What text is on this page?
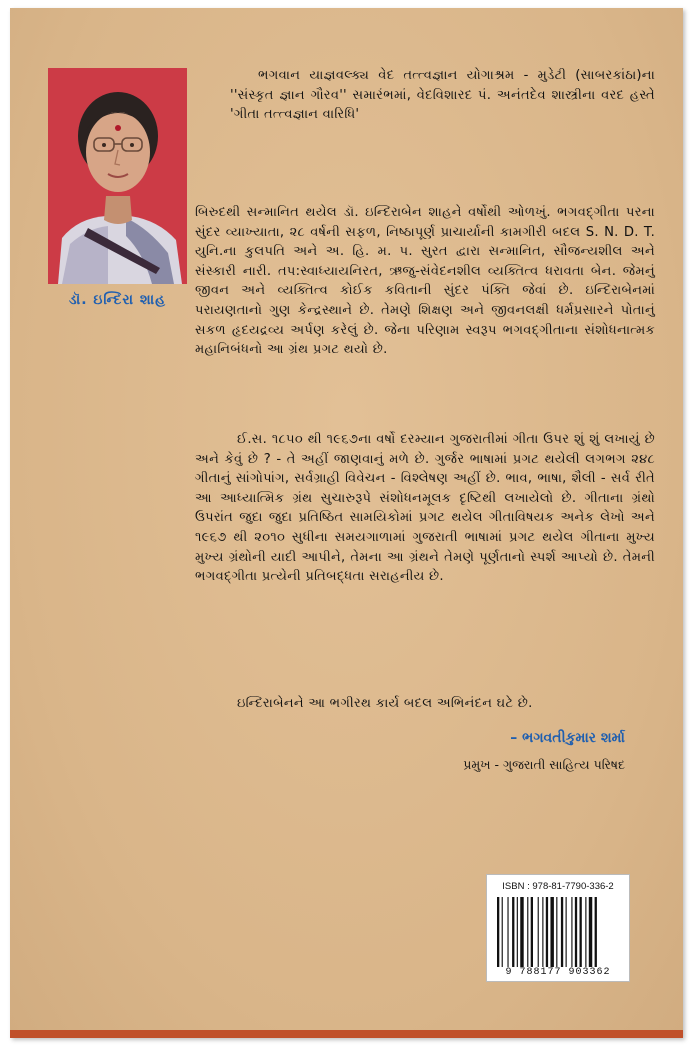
ડૉ. ઇન્દિરા શાહ

ભગવાન યાજ્ઞવલ્ક્ય વેદ તત્ત્વજ્ઞાન યોગાશ્રમ - મુડેટી (સાબરકાંઠા)ના ''સંસ્કૃત જ્ઞાન ગૌરવ'' સમારંભમાં, વેદવિશારદ પં. અનંતદેવ શાસ્ત્રીના વરદ હસ્તે 'ગીતા તત્ત્વજ્ઞાન વારિધિ'

બિરુદથી સન્માનિત થયેલ ડૉ. ઇન્દિરાબેન શાહને વર્ષોથી ઓળખું. ભગવદ્ગીતા પરના સુંદર વ્યાખ્યાતા, ૨૮ વર્ષની સફળ, નિષ્ઠાપૂર્ણ પ્રાચાર્યાની કામગીરી બદલ S. N. D. T. યુનિ.ના કુલપતિ અને અ. હિ. મ. પ. સુરત દ્વારા સન્માનિત, સૌજન્યશીલ અને સંસ્કારી નારી. તપ:સ્વાધ્યાયનિરત, ઋજુ-સંવેદનશીલ વ્યક્તિત્વ ધરાવતા બેન. જેમનું જીવન અને વ્યક્તિત્વ કોઈક કવિતાની સુંદર પંક્તિ જેવાં છે. ઇન્દિરાબેનમાં પરાયણતાનો ગુણ કેન્દ્રસ્થાને છે. તેમણે શિક્ષણ અને જીવનલક્ષી ધર્મપ્રસારને પોતાનું સકળ હૃદયદ્રવ્ય અર્પણ કરેલું છે. જેના પરિણામ સ્વરૂપ ભગવદ્ગીતાના સંશોધનાત્મક મહાનિબંધનો આ ગ્રંથ પ્રગટ થયો છે.

ઈ.સ. ૧૮૫૦ થી ૧૯૬૭ના વર્ષો દરમ્યાન ગુજરાતીમાં ગીતા ઉપર શું શું લખાયું છે અને કેવું છે ? - તે અહીં જાણવાનું મળે છે. ગુર્જર ભાષામાં પ્રગટ થયેલી લગભગ ૨૪૮ ગીતાનું સાંગોપાંગ, સર્વગ્રાહી વિવેચન - વિશ્લેષણ અહીં છે. ભાવ, ભાષા, શૈલી - સર્વ રીતે આ આધ્યાત્મિક ગ્રંથ સુચારુરૂપે સંશોધનમૂલક દૃષ્ટિથી લખાયેલો છે. ગીતાના ગ્રંથો ઉપરાંત જુદા જુદા પ્રતિષ્ઠિત સામયિકોમાં પ્રગટ થયેલ ગીતાવિષયક અનેક લેખો અને ૧૯૬૭ થી ૨૦૧૦ સુધીના સમયગાળામાં ગુજરાતી ભાષામાં પ્રગટ થયેલ ગીતાના મુખ્ય મુખ્ય ગ્રંથોની યાદી આપીને, તેમના આ ગ્રંથને તેમણે પૂર્ણતાનો સ્પર્શ આપ્યો છે. તેમની ભગવદ્ગીતા પ્રત્યેની પ્રતિબદ્ધતા સરાહનીય છે.

ઇન્દિરાબેનને આ ભગીરથ કાર્ય બદલ અભિનંદન ઘટે છે.

– ભગવતીકુમાર શર્મા
પ્રમુખ - ગુજરાતી સાહિત્ય પરિષદ
ISBN : 978-81-7790-336-2
9 788177 903362
